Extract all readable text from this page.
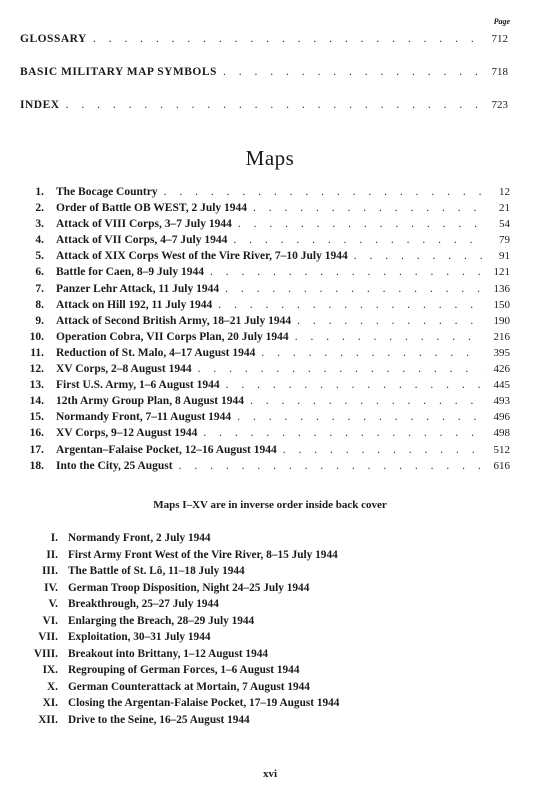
Page
GLOSSARY . . .	712
BASIC MILITARY MAP SYMBOLS . . .	718
INDEX . . .	723
Maps
1.	The Bocage Country . . .	12
2.	Order of Battle OB WEST, 2 July 1944 . . .	21
3.	Attack of VIII Corps, 3–7 July 1944 . . .	54
4.	Attack of VII Corps, 4–7 July 1944 . . .	79
5.	Attack of XIX Corps West of the Vire River, 7–10 July 1944 . . .	91
6.	Battle for Caen, 8–9 July 1944 . . .	121
7.	Panzer Lehr Attack, 11 July 1944 . . .	136
8.	Attack on Hill 192, 11 July 1944 . . .	150
9.	Attack of Second British Army, 18–21 July 1944 . . .	190
10.	Operation Cobra, VII Corps Plan, 20 July 1944 . . .	216
11.	Reduction of St. Malo, 4–17 August 1944 . . .	395
12.	XV Corps, 2–8 August 1944 . . .	426
13.	First U.S. Army, 1–6 August 1944 . . .	445
14.	12th Army Group Plan, 8 August 1944 . . .	493
15.	Normandy Front, 7–11 August 1944 . . .	496
16.	XV Corps, 9–12 August 1944 . . .	498
17.	Argentan–Falaise Pocket, 12–16 August 1944 . . .	512
18.	Into the City, 25 August . . .	616
Maps I–XV are in inverse order inside back cover
I. Normandy Front, 2 July 1944
II. First Army Front West of the Vire River, 8–15 July 1944
III. The Battle of St. Lô, 11–18 July 1944
IV. German Troop Disposition, Night 24–25 July 1944
V. Breakthrough, 25–27 July 1944
VI. Enlarging the Breach, 28–29 July 1944
VII. Exploitation, 30–31 July 1944
VIII. Breakout into Brittany, 1–12 August 1944
IX. Regrouping of German Forces, 1–6 August 1944
X. German Counterattack at Mortain, 7 August 1944
XI. Closing the Argentan-Falaise Pocket, 17–19 August 1944
XII. Drive to the Seine, 16–25 August 1944
xvi
